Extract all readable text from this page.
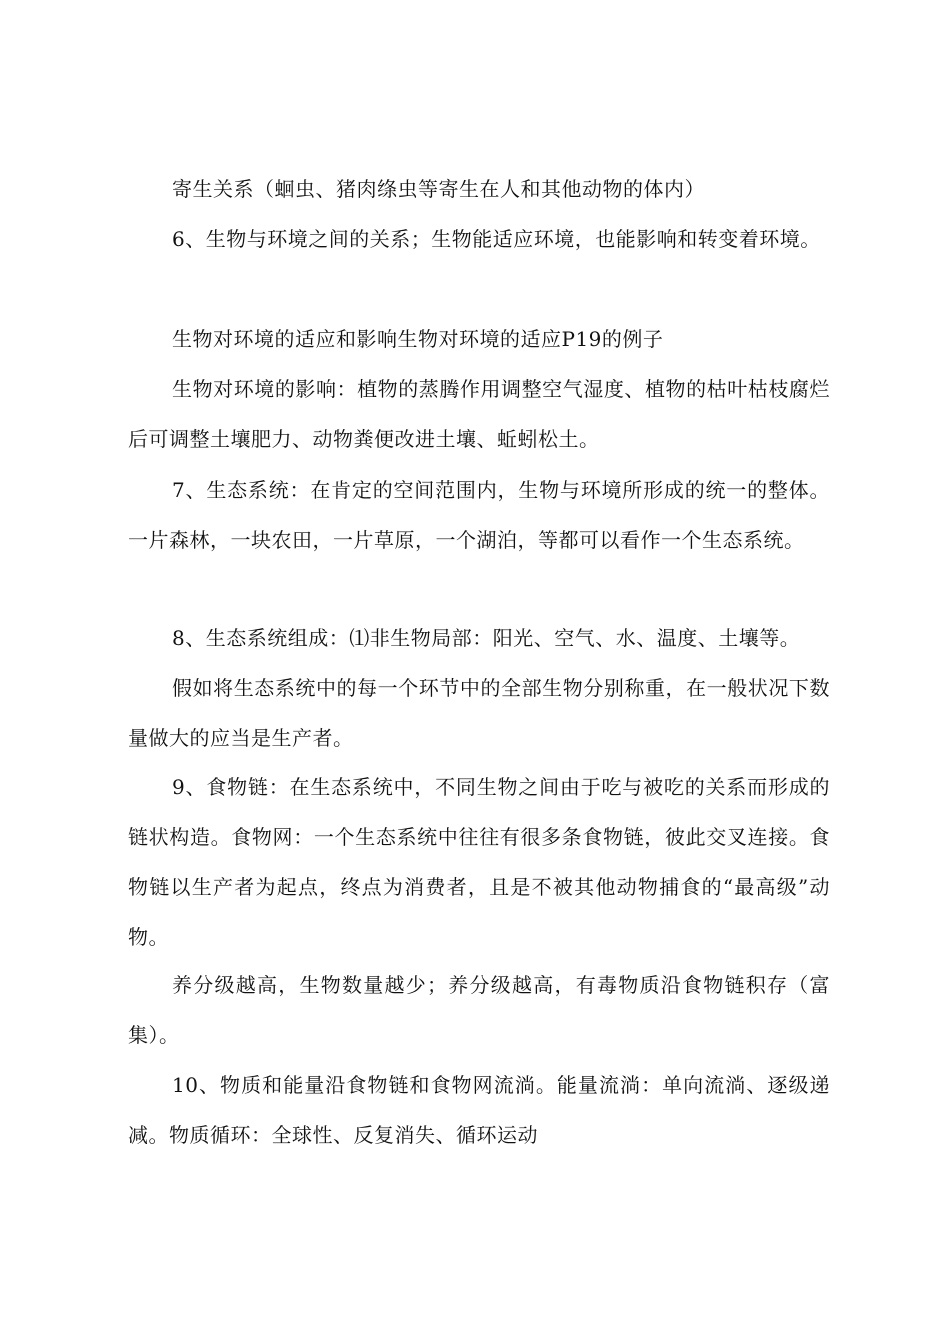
寄生关系（蛔虫、猪肉绦虫等寄生在人和其他动物的体内）

6、生物与环境之间的关系；生物能适应环境，也能影响和转变着环境。

生物对环境的适应和影响生物对环境的适应P19的例子

生物对环境的影响：植物的蒸腾作用调整空气湿度、植物的枯叶枯枝腐烂后可调整土壤肥力、动物粪便改进土壤、蚯蚓松土。

7、生态系统：在肯定的空间范围内，生物与环境所形成的统一的整体。一片森林，一块农田，一片草原，一个湖泊，等都可以看作一个生态系统。

8、生态系统组成：⑴非生物局部：阳光、空气、水、温度、土壤等。

假如将生态系统中的每一个环节中的全部生物分别称重，在一般状况下数量做大的应当是生产者。

9、食物链：在生态系统中，不同生物之间由于吃与被吃的关系而形成的链状构造。食物网：一个生态系统中往往有很多条食物链，彼此交叉连接。食物链以生产者为起点，终点为消费者，且是不被其他动物捕食的“最高级”动物。

养分级越高，生物数量越少；养分级越高，有毒物质沿食物链积存（富集）。

10、物质和能量沿食物链和食物网流淌。能量流淌：单向流淌、逐级递减。物质循环：全球性、反复消失、循环运动
